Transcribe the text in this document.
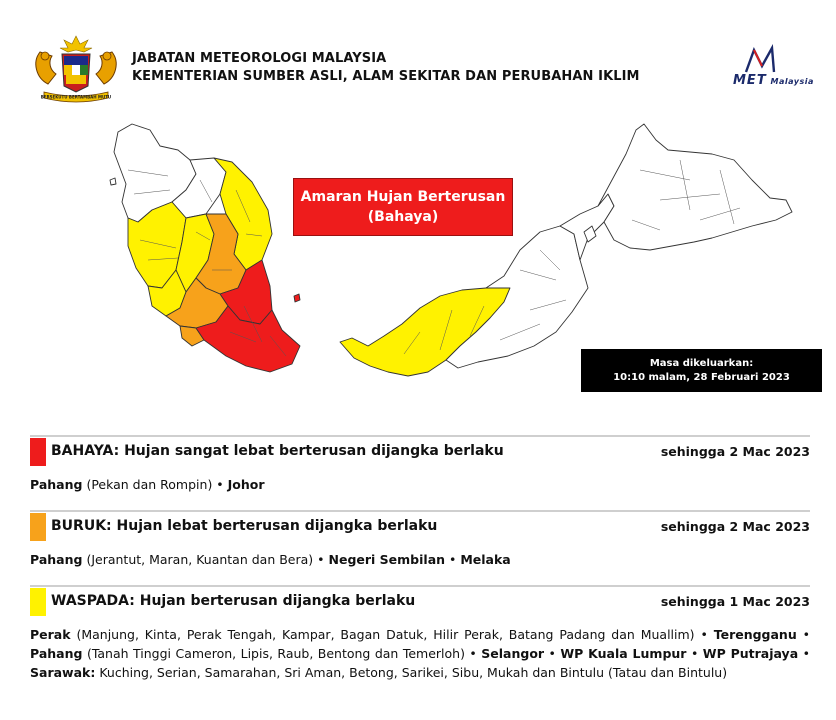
BERSEKUTU BERTAMBAH MUTU
JABATAN METEOROLOGI MALAYSIA
KEMENTERIAN SUMBER ASLI, ALAM SEKITAR DAN PERUBAHAN IKLIM	MET Malaysia
Amaran Hujan Berterusan
(Bahaya)
Masa dikeluarkan:
10:10 malam, 28 Februari 2023
BAHAYA: Hujan sangat lebat berterusan dijangka berlaku	sehingga 2 Mac 2023
Pahang (Pekan dan Rompin) • Johor
BURUK: Hujan lebat berterusan dijangka berlaku	sehingga 2 Mac 2023
Pahang (Jerantut, Maran, Kuantan dan Bera) • Negeri Sembilan • Melaka
WASPADA: Hujan berterusan dijangka berlaku	sehingga 1 Mac 2023
Perak (Manjung, Kinta, Perak Tengah, Kampar, Bagan Datuk, Hilir Perak, Batang Padang dan Muallim) • Terengganu • Pahang (Tanah Tinggi Cameron, Lipis, Raub, Bentong dan Temerloh) • Selangor • WP Kuala Lumpur • WP Putrajaya • Sarawak: Kuching, Serian, Samarahan, Sri Aman, Betong, Sarikei, Sibu, Mukah dan Bintulu (Tatau dan Bintulu)
